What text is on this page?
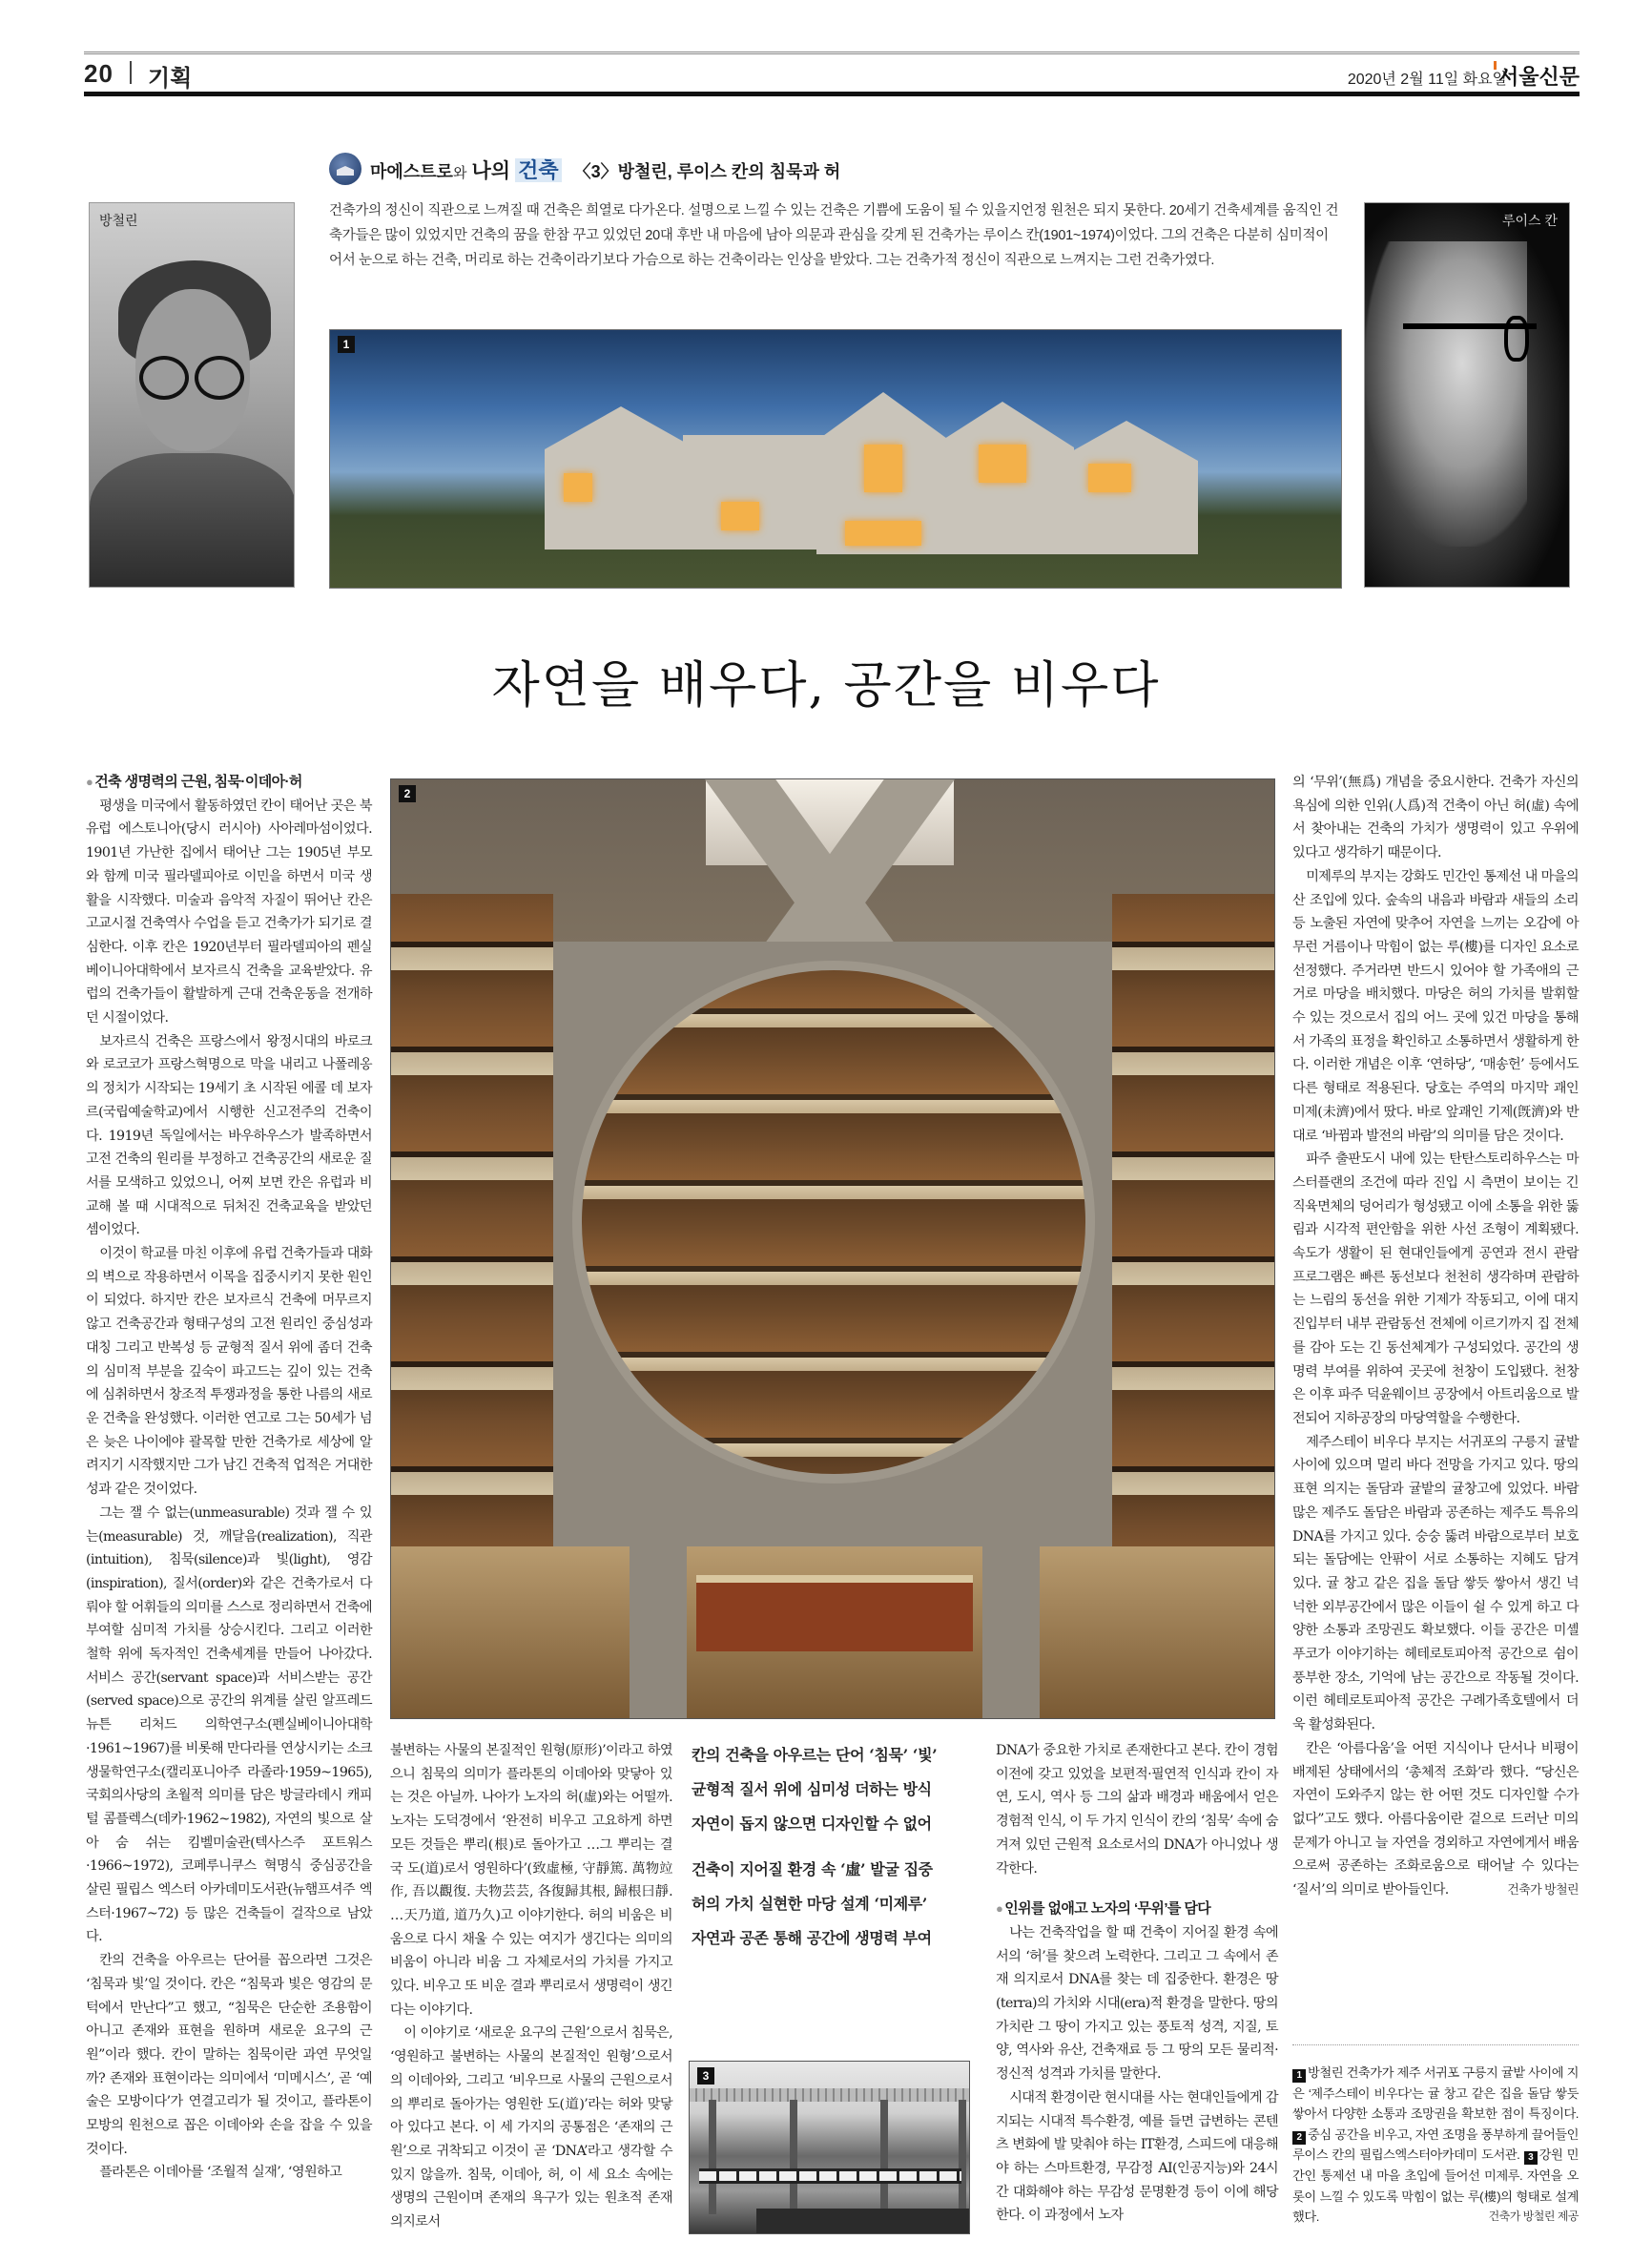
20 기획	2020년 2월 11일 화요일
서울신문
마에스트로와 나의 건축 〈3〉방철린, 루이스 칸의 침묵과 허
건축가의 정신이 직관으로 느껴질 때 건축은 희열로 다가온다. 설명으로 느낄 수 있는 건축은 기쁨에 도움이 될 수 있을지언정 원천은 되지 못한다. 20세기 건축세계를 움직인 건축가들은 많이 있었지만 건축의 꿈을 한참 꾸고 있었던 20대 후반 내 마음에 남아 의문과 관심을 갖게 된 건축가는 루이스 칸(1901~1974)이었다. 그의 건축은 다분히 심미적이어서 눈으로 하는 건축, 머리로 하는 건축이라기보다 가슴으로 하는 건축이라는 인상을 받았다. 그는 건축가적 정신이 직관으로 느껴지는 그런 건축가였다.
방철린	루이스 칸
1
자연을 배우다, 공간을 비우다
● 건축 생명력의 근원, 침묵·이데아·허

평생을 미국에서 활동하였던 칸이 태어난 곳은 북유럽 에스토니아(당시 러시아) 사아레마섬이었다. 1901년 가난한 집에서 태어난 그는 1905년 부모와 함께 미국 필라델피아로 이민을 하면서 미국 생활을 시작했다. 미술과 음악적 자질이 뛰어난 칸은 고교시절 건축역사 수업을 듣고 건축가가 되기로 결심한다. 이후 칸은 1920년부터 필라델피아의 펜실베이니아대학에서 보자르식 건축을 교육받았다. 유럽의 건축가들이 활발하게 근대 건축운동을 전개하던 시절이었다.

보자르식 건축은 프랑스에서 왕정시대의 바로크와 로코코가 프랑스혁명으로 막을 내리고 나폴레옹의 정치가 시작되는 19세기 초 시작된 에콜 데 보자르(국립예술학교)에서 시행한 신고전주의 건축이다. 1919년 독일에서는 바우하우스가 발족하면서 고전 건축의 원리를 부정하고 건축공간의 새로운 질서를 모색하고 있었으니, 어찌 보면 칸은 유럽과 비교해 볼 때 시대적으로 뒤처진 건축교육을 받았던 셈이었다.

이것이 학교를 마친 이후에 유럽 건축가들과 대화의 벽으로 작용하면서 이목을 집중시키지 못한 원인이 되었다. 하지만 칸은 보자르식 건축에 머무르지 않고 건축공간과 형태구성의 고전 원리인 중심성과 대칭 그리고 반복성 등 균형적 질서 위에 좀더 건축의 심미적 부분을 깊숙이 파고드는 깊이 있는 건축에 심취하면서 창조적 투쟁과정을 통한 나름의 새로운 건축을 완성했다. 이러한 연고로 그는 50세가 넘은 늦은 나이에야 괄목할 만한 건축가로 세상에 알려지기 시작했지만 그가 남긴 건축적 업적은 거대한 성과 같은 것이었다.

그는 잴 수 없는(unmeasurable) 것과 잴 수 있는(measurable) 것, 깨달음(realization), 직관(intuition), 침묵(silence)과 빛(light), 영감(inspiration), 질서(order)와 같은 건축가로서 다뤄야 할 어휘들의 의미를 스스로 정리하면서 건축에 부여할 심미적 가치를 상승시킨다. 그리고 이러한 철학 위에 독자적인 건축세계를 만들어 나아갔다. 서비스 공간(servant space)과 서비스받는 공간(served space)으로 공간의 위계를 살린 알프레드 뉴튼 리처드 의학연구소(펜실베이니아대학·1961~1967)를 비롯해 만다라를 연상시키는 소크 생물학연구소(캘리포니아주 라졸라·1959~1965), 국회의사당의 초월적 의미를 담은 방글라데시 캐피털 콤플렉스(데카·1962~1982), 자연의 빛으로 살아 숨 쉬는 킴벨미술관(텍사스주 포트워스·1966~1972), 코페루니쿠스 혁명식 중심공간을 살린 필립스 엑스터 아카데미도서관(뉴햄프셔주 엑스터·1967~72) 등 많은 건축들이 걸작으로 남았다.

칸의 건축을 아우르는 단어를 꼽으라면 그것은 ‘침묵과 빛’일 것이다. 칸은 “침묵과 빛은 영감의 문턱에서 만난다”고 했고, “침묵은 단순한 조용함이 아니고 존재와 표현을 원하며 새로운 요구의 근원”이라 했다. 칸이 말하는 침묵이란 과연 무엇일까? 존재와 표현이라는 의미에서 ‘미메시스’, 곧 ‘예술은 모방이다’가 연결고리가 될 것이고, 플라톤이 모방의 원천으로 꼽은 이데아와 손을 잡을 수 있을 것이다.

플라톤은 이데아를 ‘조월적 실재’, ‘영원하고

2

불변하는 사물의 본질적인 원형(原形)’이라고 하였으니 침묵의 의미가 플라톤의 이데아와 맞닿아 있는 것은 아닐까. 나아가 노자의 허(虛)와는 어떨까. 노자는 도덕경에서 ‘완전히 비우고 고요하게 하면 모든 것들은 뿌리(根)로 돌아가고 …그 뿌리는 결국 도(道)로서 영원하다’(致虛極, 守靜篤. 萬物竝作, 吾以觀復. 夫物芸芸, 各復歸其根, 歸根曰靜. …天乃道, 道乃久)고 이야기한다. 허의 비움은 비움으로 다시 채울 수 있는 여지가 생긴다는 의미의 비움이 아니라 비움 그 자체로서의 가치를 가지고 있다. 비우고 또 비운 결과 뿌리로서 생명력이 생긴다는 이야기다.

이 이야기로 ‘새로운 요구의 근원’으로서 침묵은, ‘영원하고 불변하는 사물의 본질적인 원형’으로서의 이데아와, 그리고 ‘비우므로 사물의 근원으로서의 뿌리로 돌아가는 영원한 도(道)’라는 허와 맞닿아 있다고 본다. 이 세 가지의 공통점은 ‘존재의 근원’으로 귀착되고 이것이 곧 ‘DNA’라고 생각할 수 있지 않을까. 침묵, 이데아, 허, 이 세 요소 속에는 생명의 근원이며 존재의 욕구가 있는 원초적 존재 의지로서

칸의 건축을 아우르는 단어 ‘침묵’ ‘빛’
균형적 질서 위에 심미성 더하는 방식
자연이 돕지 않으면 디자인할 수 없어
건축이 지어질 환경 속 ‘虛’ 발굴 집중
허의 가치 실현한 마당 설계 ‘미제루’
자연과 공존 통해 공간에 생명력 부여
3

DNA가 중요한 가치로 존재한다고 본다. 칸이 경험 이전에 갖고 있었을 보편적·필연적 인식과 칸이 자연, 도시, 역사 등 그의 삶과 배경과 배움에서 얻은 경험적 인식, 이 두 가지 인식이 칸의 ‘침묵’ 속에 숨겨져 있던 근원적 요소로서의 DNA가 아니었나 생각한다.

● 인위를 없애고 노자의 ‘무위’를 담다

나는 건축작업을 할 때 건축이 지어질 환경 속에서의 ‘허’를 찾으려 노력한다. 그리고 그 속에서 존재 의지로서 DNA를 찾는 데 집중한다. 환경은 땅(terra)의 가치와 시대(era)적 환경을 말한다. 땅의 가치란 그 땅이 가지고 있는 풍토적 성격, 지질, 토양, 역사와 유산, 건축재료 등 그 땅의 모든 물리적·정신적 성격과 가치를 말한다.

시대적 환경이란 현시대를 사는 현대인들에게 감지되는 시대적 특수환경, 예를 들면 급변하는 콘텐츠 변화에 발 맞춰야 하는 IT환경, 스피드에 대응해야 하는 스마트환경, 무감정 AI(인공지능)와 24시간 대화해야 하는 무감성 문명환경 등이 이에 해당한다. 이 과정에서 노자

의 ‘무위’(無爲) 개념을 중요시한다. 건축가 자신의 욕심에 의한 인위(人爲)적 건축이 아닌 허(虛) 속에서 찾아내는 건축의 가치가 생명력이 있고 우위에 있다고 생각하기 때문이다.

미제루의 부지는 강화도 민간인 통제선 내 마을의 산 조입에 있다. 숲속의 내음과 바람과 새들의 소리 등 노출된 자연에 맞추어 자연을 느끼는 오감에 아무런 거름이나 막힘이 없는 루(樓)를 디자인 요소로 선정했다. 주거라면 반드시 있어야 할 가족애의 근거로 마당을 배치했다. 마당은 허의 가치를 발휘할 수 있는 것으로서 집의 어느 곳에 있건 마당을 통해서 가족의 표정을 확인하고 소통하면서 생활하게 한다. 이러한 개념은 이후 ‘연하당’, ‘매송헌’ 등에서도 다른 형태로 적용된다. 당호는 주역의 마지막 괘인 미제(未濟)에서 땄다. 바로 앞괘인 기제(旣濟)와 반대로 ‘바뀜과 발전의 바람’의 의미를 담은 것이다.

파주 출판도시 내에 있는 탄탄스토리하우스는 마스터플랜의 조건에 따라 진입 시 측면이 보이는 긴 직육면체의 덩어리가 형성됐고 이에 소통을 위한 뚫림과 시각적 편안함을 위한 사선 조형이 계획됐다. 속도가 생활이 된 현대인들에게 공연과 전시 관람 프로그램은 빠른 동선보다 천천히 생각하며 관람하는 느림의 동선을 위한 기제가 작동되고, 이에 대지 진입부터 내부 관람동선 전체에 이르기까지 집 전체를 감아 도는 긴 동선체계가 구성되었다. 공간의 생명력 부여를 위하여 곳곳에 천창이 도입됐다. 천창은 이후 파주 덕윤웨이브 공장에서 아트리움으로 발전되어 지하공장의 마당역할을 수행한다.

제주스테이 비우다 부지는 서귀포의 구릉지 귤밭 사이에 있으며 멀리 바다 전망을 가지고 있다. 땅의 표현 의지는 돌담과 귤밭의 귤창고에 있었다. 바람 많은 제주도 돌담은 바람과 공존하는 제주도 특유의 DNA를 가지고 있다. 숭숭 뚫려 바람으로부터 보호되는 돌담에는 안팎이 서로 소통하는 지혜도 담겨 있다. 귤 창고 같은 집을 돌담 쌓듯 쌓아서 생긴 넉넉한 외부공간에서 많은 이들이 쉴 수 있게 하고 다양한 소통과 조망권도 확보했다. 이들 공간은 미셸 푸코가 이야기하는 헤테로토피아적 공간으로 쉼이 풍부한 장소, 기억에 남는 공간으로 작동될 것이다. 이런 헤테로토피아적 공간은 구례가족호텔에서 더욱 활성화된다.

칸은 ‘아름다움’을 어떤 지식이나 단서나 비평이 배제된 상태에서의 ‘총체적 조화’라 했다. “당신은 자연이 도와주지 않는 한 어떤 것도 디자인할 수가 없다”고도 했다. 아름다움이란 겉으로 드러난 미의 문제가 아니고 늘 자연을 경외하고 자연에게서 배움으로써 공존하는 조화로움으로 태어날 수 있다는 ‘질서’의 의미로 받아들인다.	건축가 방철린

1 방철린 건축가가 제주 서귀포 구릉지 귤밭 사이에 지은 ‘제주스테이 비우다’는 귤 창고 같은 집을 돌담 쌓듯 쌓아서 다양한 소통과 조망권을 확보한 점이 특징이다. 2 중심 공간을 비우고, 자연 조명을 풍부하게 끌어들인 루이스 칸의 필립스엑스터아카데미 도서관. 3 강원 민간인 통제선 내 마을 초입에 들어선 미제루. 자연을 오롯이 느낄 수 있도록 막힘이 없는 루(樓)의 형태로 설계했다.	건축가 방철린 제공
